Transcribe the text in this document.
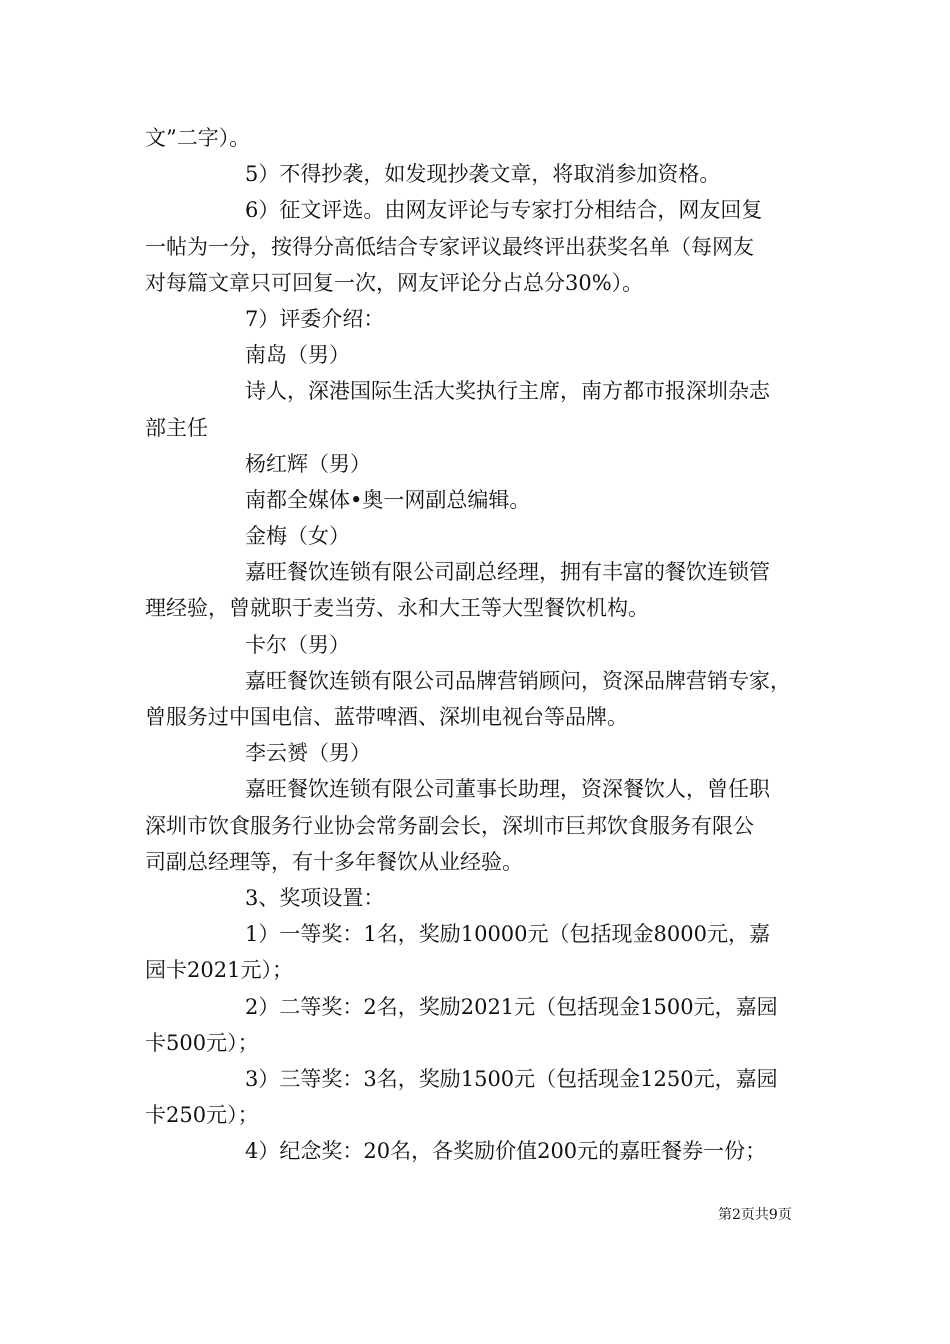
文”二字）。
5）不得抄袭，如发现抄袭文章，将取消参加资格。
6）征文评选。由网友评论与专家打分相结合，网友回复
一帖为一分，按得分高低结合专家评议最终评出获奖名单（每网友
对每篇文章只可回复一次，网友评论分占总分30%）。
7）评委介绍：
南岛（男）
诗人，深港国际生活大奖执行主席，南方都市报深圳杂志
部主任
杨红辉（男）
南都全媒体•奥一网副总编辑。
金梅（女）
嘉旺餐饮连锁有限公司副总经理，拥有丰富的餐饮连锁管
理经验，曾就职于麦当劳、永和大王等大型餐饮机构。
卡尔（男）
嘉旺餐饮连锁有限公司品牌营销顾问，资深品牌营销专家，
曾服务过中国电信、蓝带啤酒、深圳电视台等品牌。
李云赟（男）
嘉旺餐饮连锁有限公司董事长助理，资深餐饮人，曾任职
深圳市饮食服务行业协会常务副会长，深圳市巨邦饮食服务有限公
司副总经理等，有十多年餐饮从业经验。
3、奖项设置：
1）一等奖：1名，奖励10000元（包括现金8000元，嘉
园卡2021元）；
2）二等奖：2名，奖励2021元（包括现金1500元，嘉园
卡500元）；
3）三等奖：3名，奖励1500元（包括现金1250元，嘉园
卡250元）；
4）纪念奖：20名，各奖励价值200元的嘉旺餐券一份；
第2页共9页
